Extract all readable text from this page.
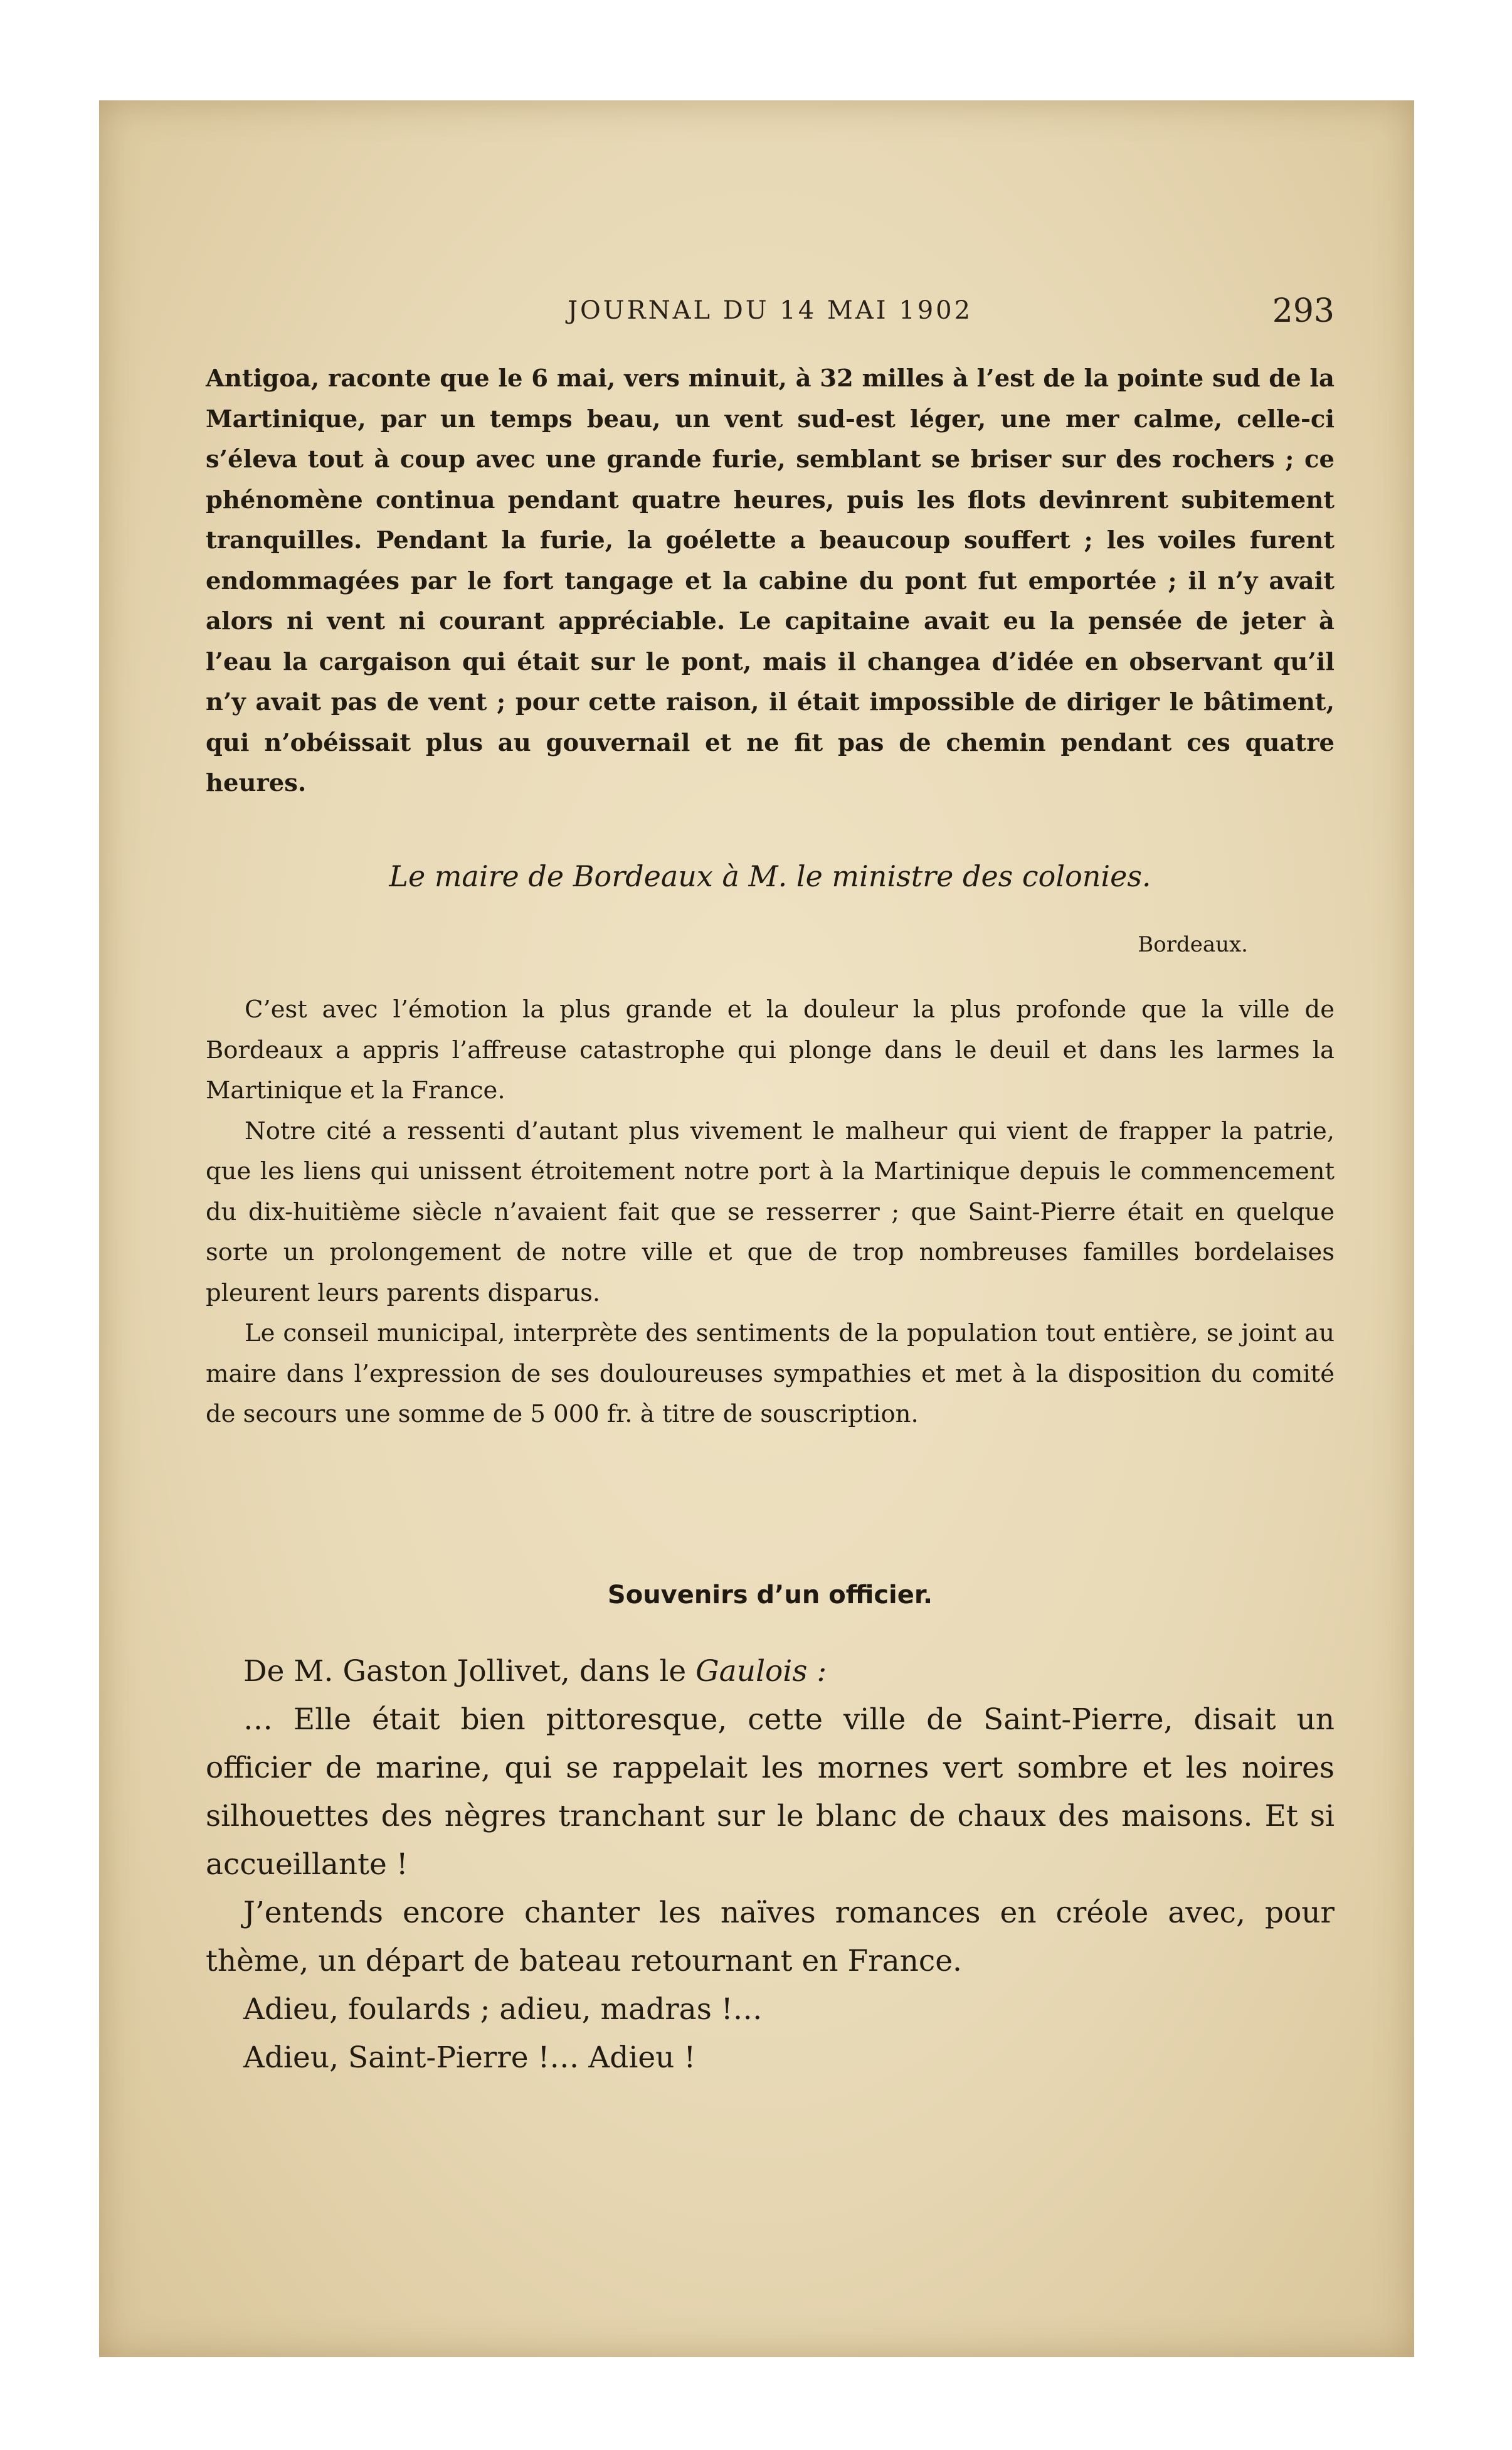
JOURNAL DU 14 MAI 1902	293

Antigoa, raconte que le 6 mai, vers minuit, à 32 milles à l’est de la pointe sud de la Martinique, par un temps beau, un vent sud-est léger, une mer calme, celle-ci s’éleva tout à coup avec une grande furie, semblant se briser sur des rochers ; ce phénomène continua pendant quatre heures, puis les flots devinrent subitement tranquilles. Pendant la furie, la goélette a beaucoup souffert ; les voiles furent endommagées par le fort tangage et la cabine du pont fut emportée ; il n’y avait alors ni vent ni courant appréciable. Le capitaine avait eu la pensée de jeter à l’eau la cargaison qui était sur le pont, mais il changea d’idée en observant qu’il n’y avait pas de vent ; pour cette raison, il était impossible de diriger le bâtiment, qui n’obéissait plus au gouvernail et ne fit pas de chemin pendant ces quatre heures.

Le maire de Bordeaux à M. le ministre des colonies.
Bordeaux.

C’est avec l’émotion la plus grande et la douleur la plus profonde que la ville de Bordeaux a appris l’affreuse catastrophe qui plonge dans le deuil et dans les larmes la Martinique et la France.

Notre cité a ressenti d’autant plus vivement le malheur qui vient de frapper la patrie, que les liens qui unissent étroitement notre port à la Martinique depuis le commencement du dix-huitième siècle n’avaient fait que se resserrer ; que Saint-Pierre était en quelque sorte un prolongement de notre ville et que de trop nombreuses familles bordelaises pleurent leurs parents disparus.

Le conseil municipal, interprète des sentiments de la population tout entière, se joint au maire dans l’expression de ses douloureuses sympathies et met à la disposition du comité de secours une somme de 5 000 fr. à titre de souscription.

Souvenirs d’un officier.

De M. Gaston Jollivet, dans le Gaulois :

… Elle était bien pittoresque, cette ville de Saint-Pierre, disait un officier de marine, qui se rappelait les mornes vert sombre et les noires silhouettes des nègres tranchant sur le blanc de chaux des maisons. Et si accueillante !

J’entends encore chanter les naïves romances en créole avec, pour thème, un départ de bateau retournant en France.

Adieu, foulards ; adieu, madras !…

Adieu, Saint-Pierre !… Adieu !
